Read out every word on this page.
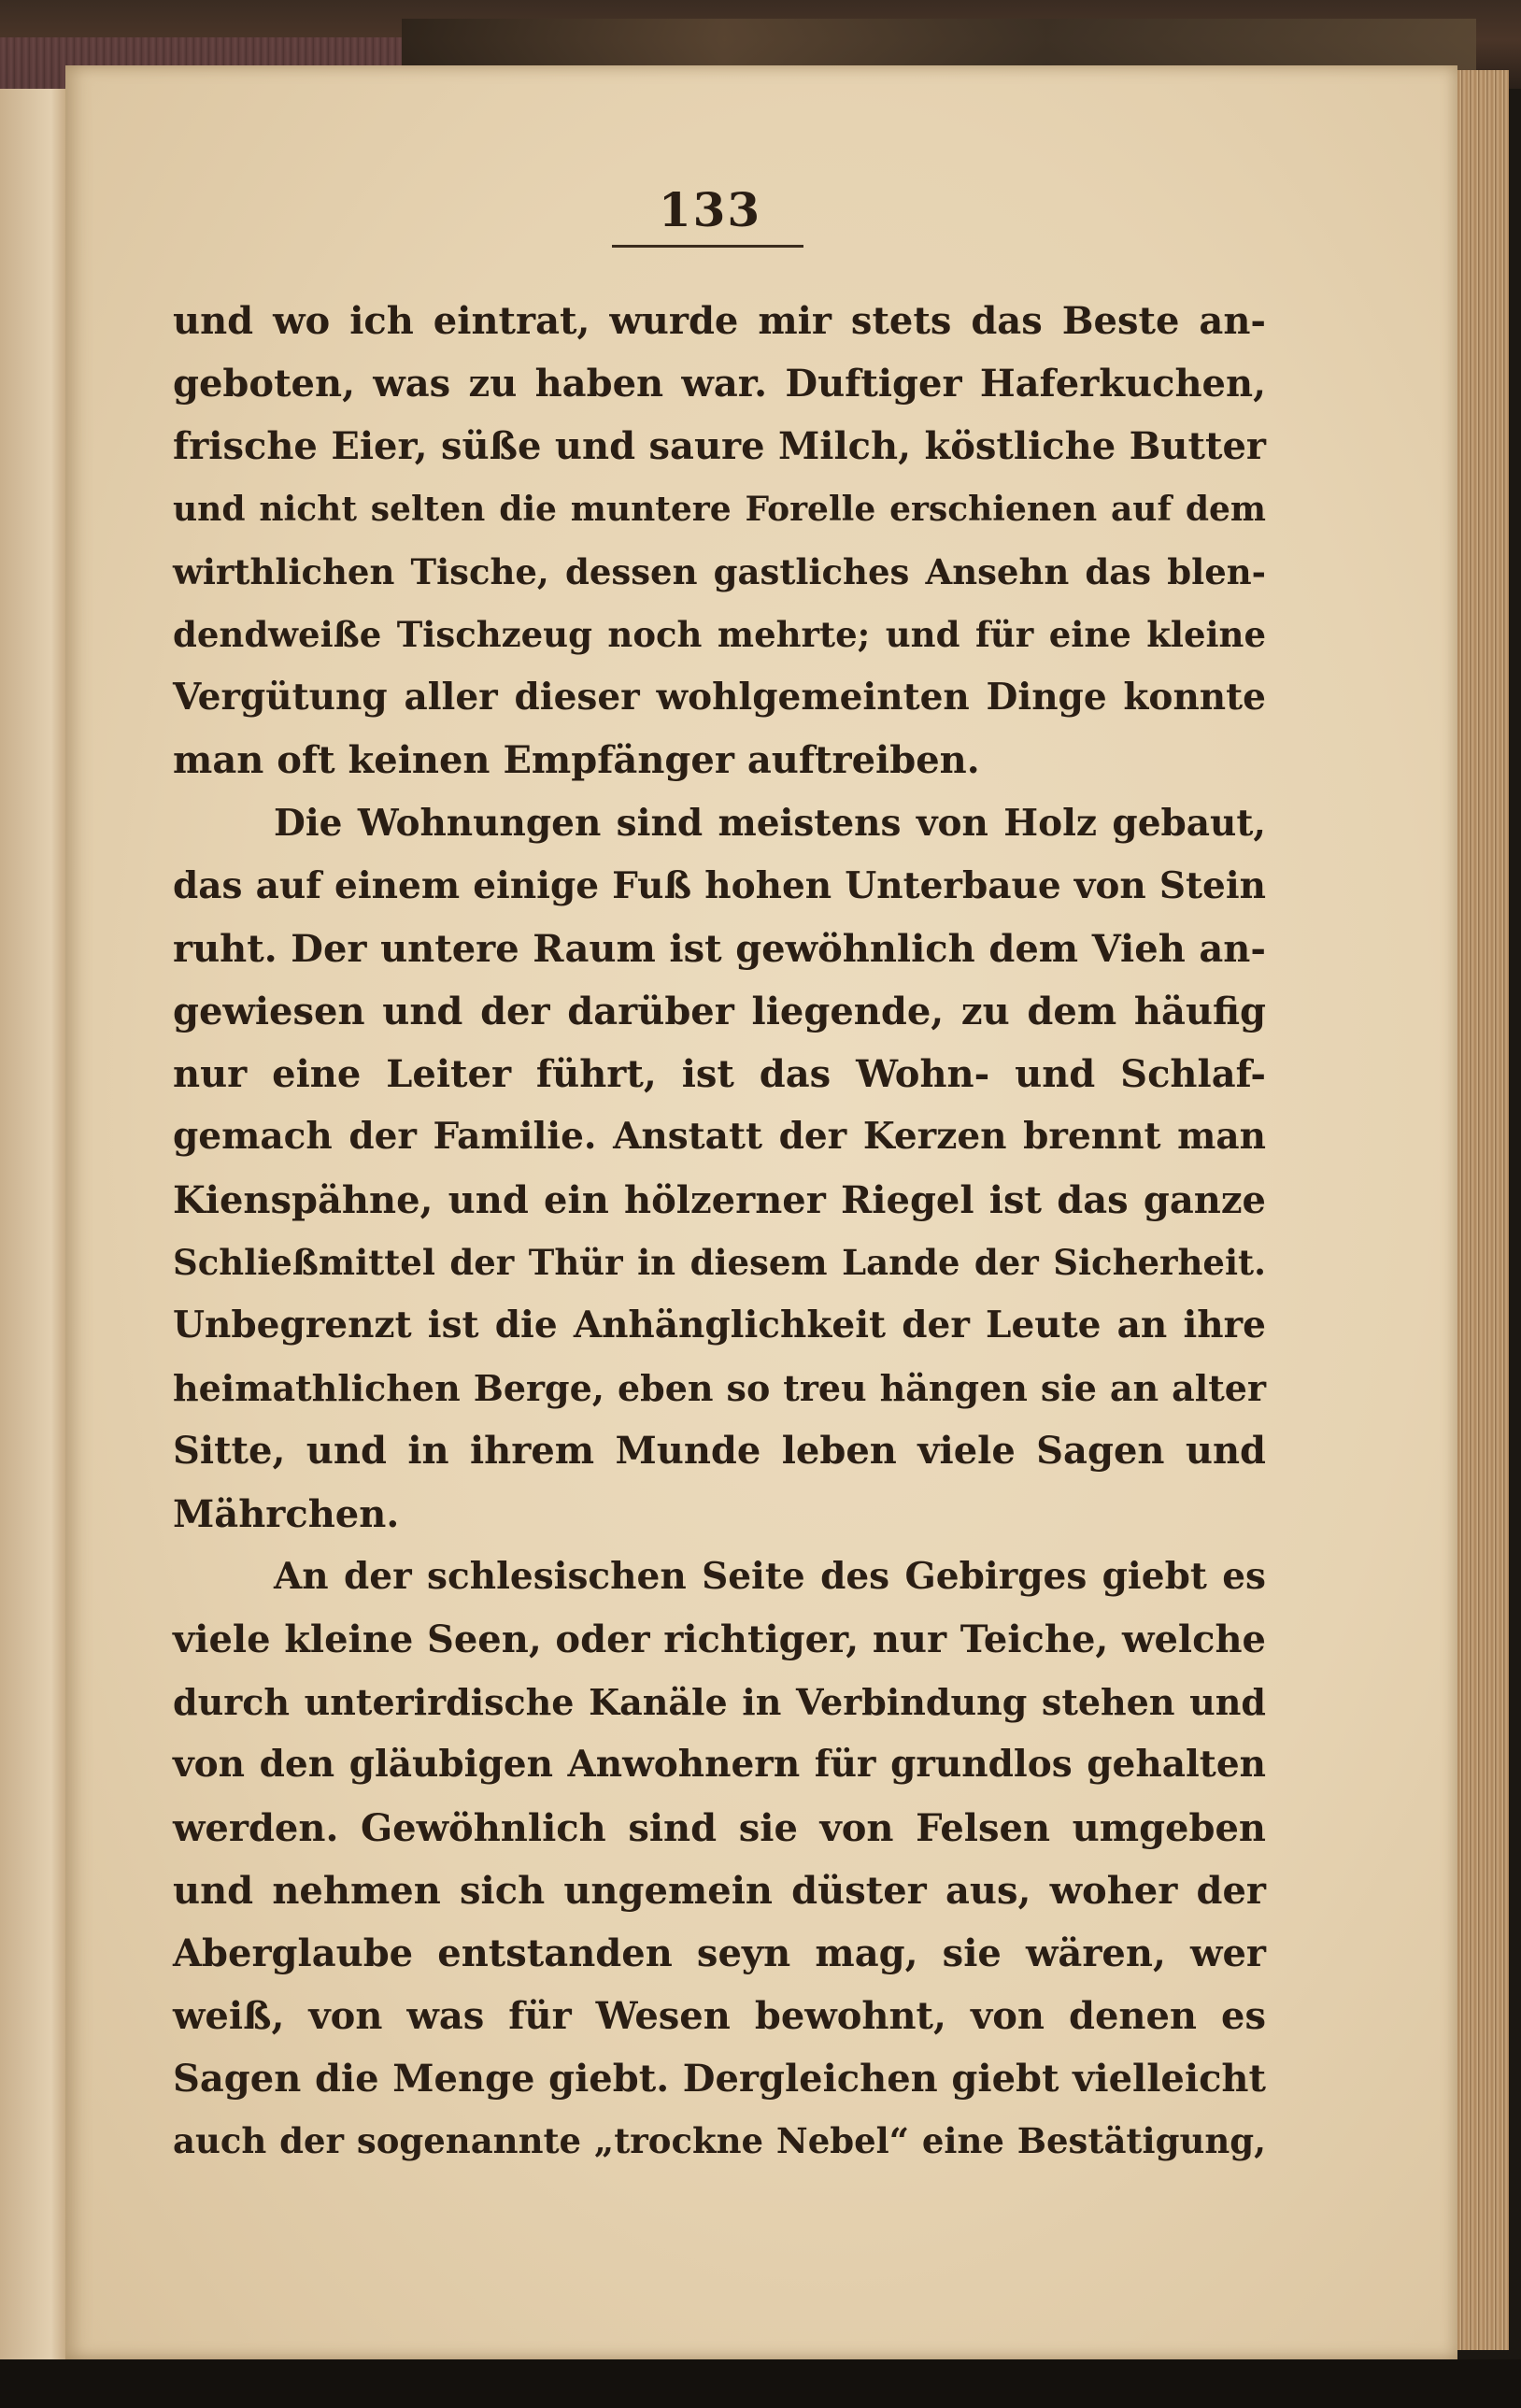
133
und wo ich eintrat, wurde mir stets das Beste an-
geboten, was zu haben war. Duftiger Haferkuchen,
frische Eier, süße und saure Milch, köstliche Butter
und nicht selten die muntere Forelle erschienen auf dem
wirthlichen Tische, dessen gastliches Ansehn das blen-
dendweiße Tischzeug noch mehrte; und für eine kleine
Vergütung aller dieser wohlgemeinten Dinge konnte
man oft keinen Empfänger auftreiben.
Die Wohnungen sind meistens von Holz gebaut,
das auf einem einige Fuß hohen Unterbaue von Stein
ruht. Der untere Raum ist gewöhnlich dem Vieh an-
gewiesen und der darüber liegende, zu dem häufig
nur eine Leiter führt, ist das Wohn- und Schlaf-
gemach der Familie. Anstatt der Kerzen brennt man
Kienspähne, und ein hölzerner Riegel ist das ganze
Schließmittel der Thür in diesem Lande der Sicherheit.
Unbegrenzt ist die Anhänglichkeit der Leute an ihre
heimathlichen Berge, eben so treu hängen sie an alter
Sitte, und in ihrem Munde leben viele Sagen und
Mährchen.
An der schlesischen Seite des Gebirges giebt es
viele kleine Seen, oder richtiger, nur Teiche, welche
durch unterirdische Kanäle in Verbindung stehen und
von den gläubigen Anwohnern für grundlos gehalten
werden. Gewöhnlich sind sie von Felsen umgeben
und nehmen sich ungemein düster aus, woher der
Aberglaube entstanden seyn mag, sie wären, wer
weiß, von was für Wesen bewohnt, von denen es
Sagen die Menge giebt. Dergleichen giebt vielleicht
auch der sogenannte „trockne Nebel“ eine Bestätigung,
